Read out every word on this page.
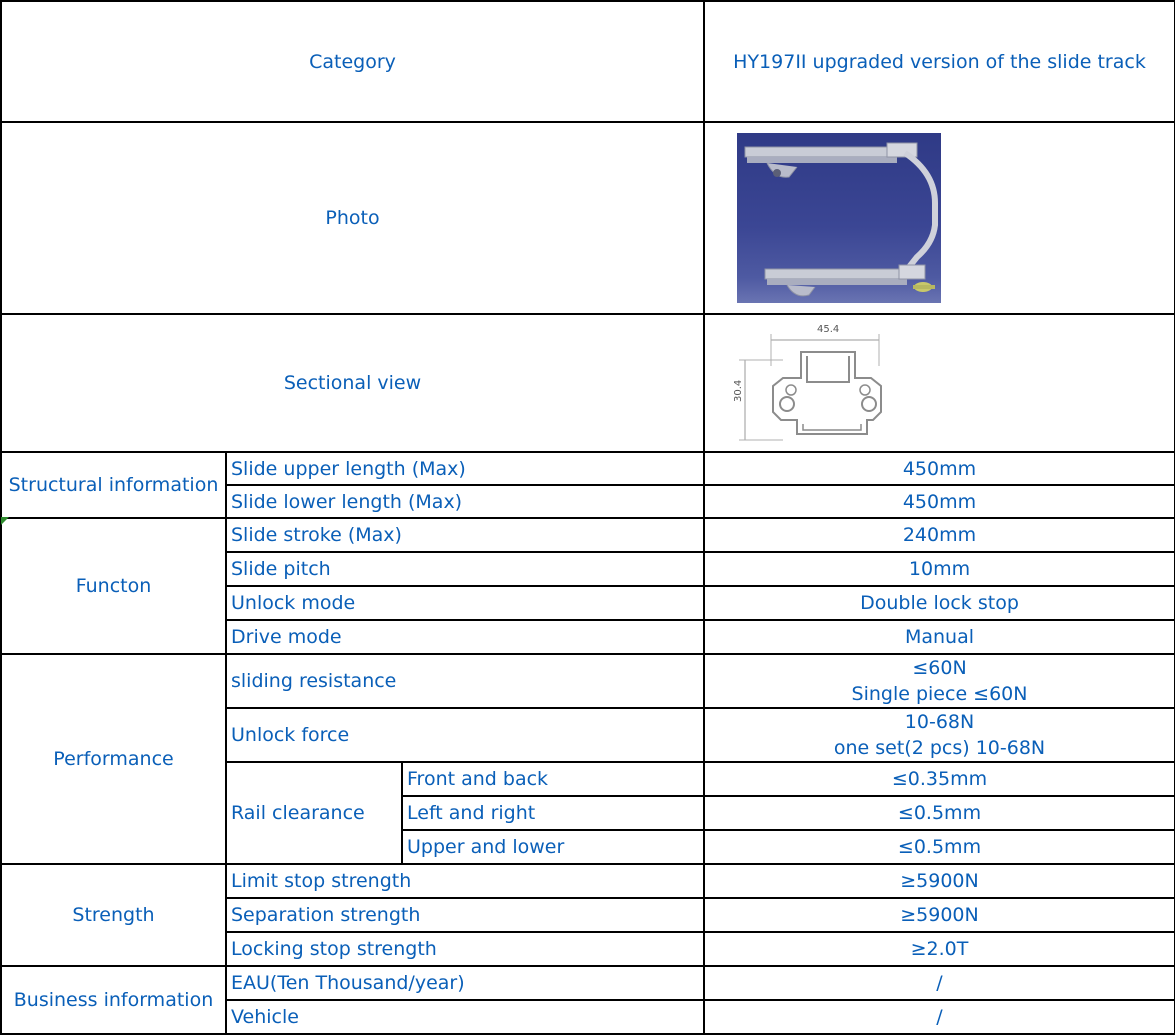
Category			HY197II upgraded version of the slide track
Photo	

Sectional view			45.4
30.4

Structural information	Slide upper length (Max)		450mm
	Slide lower length (Max)		450mm
Functon	Slide stroke (Max)		240mm
	Slide pitch		10mm
	Unlock mode		Double lock stop
	Drive mode		Manual
Performance	sliding resistance		≤60N
Single piece ≤60N

	Unlock force		10-68N
one set(2 pcs) 10-68N

	Rail clearance	Front and back	≤0.35mm
		Left and right	≤0.5mm
		Upper and lower	≤0.5mm
Strength	Limit stop strength		≥5900N
	Separation strength		≥5900N
	Locking stop strength		≥2.0T
Business information	EAU(Ten Thousand/year)		/
	Vehicle		/
